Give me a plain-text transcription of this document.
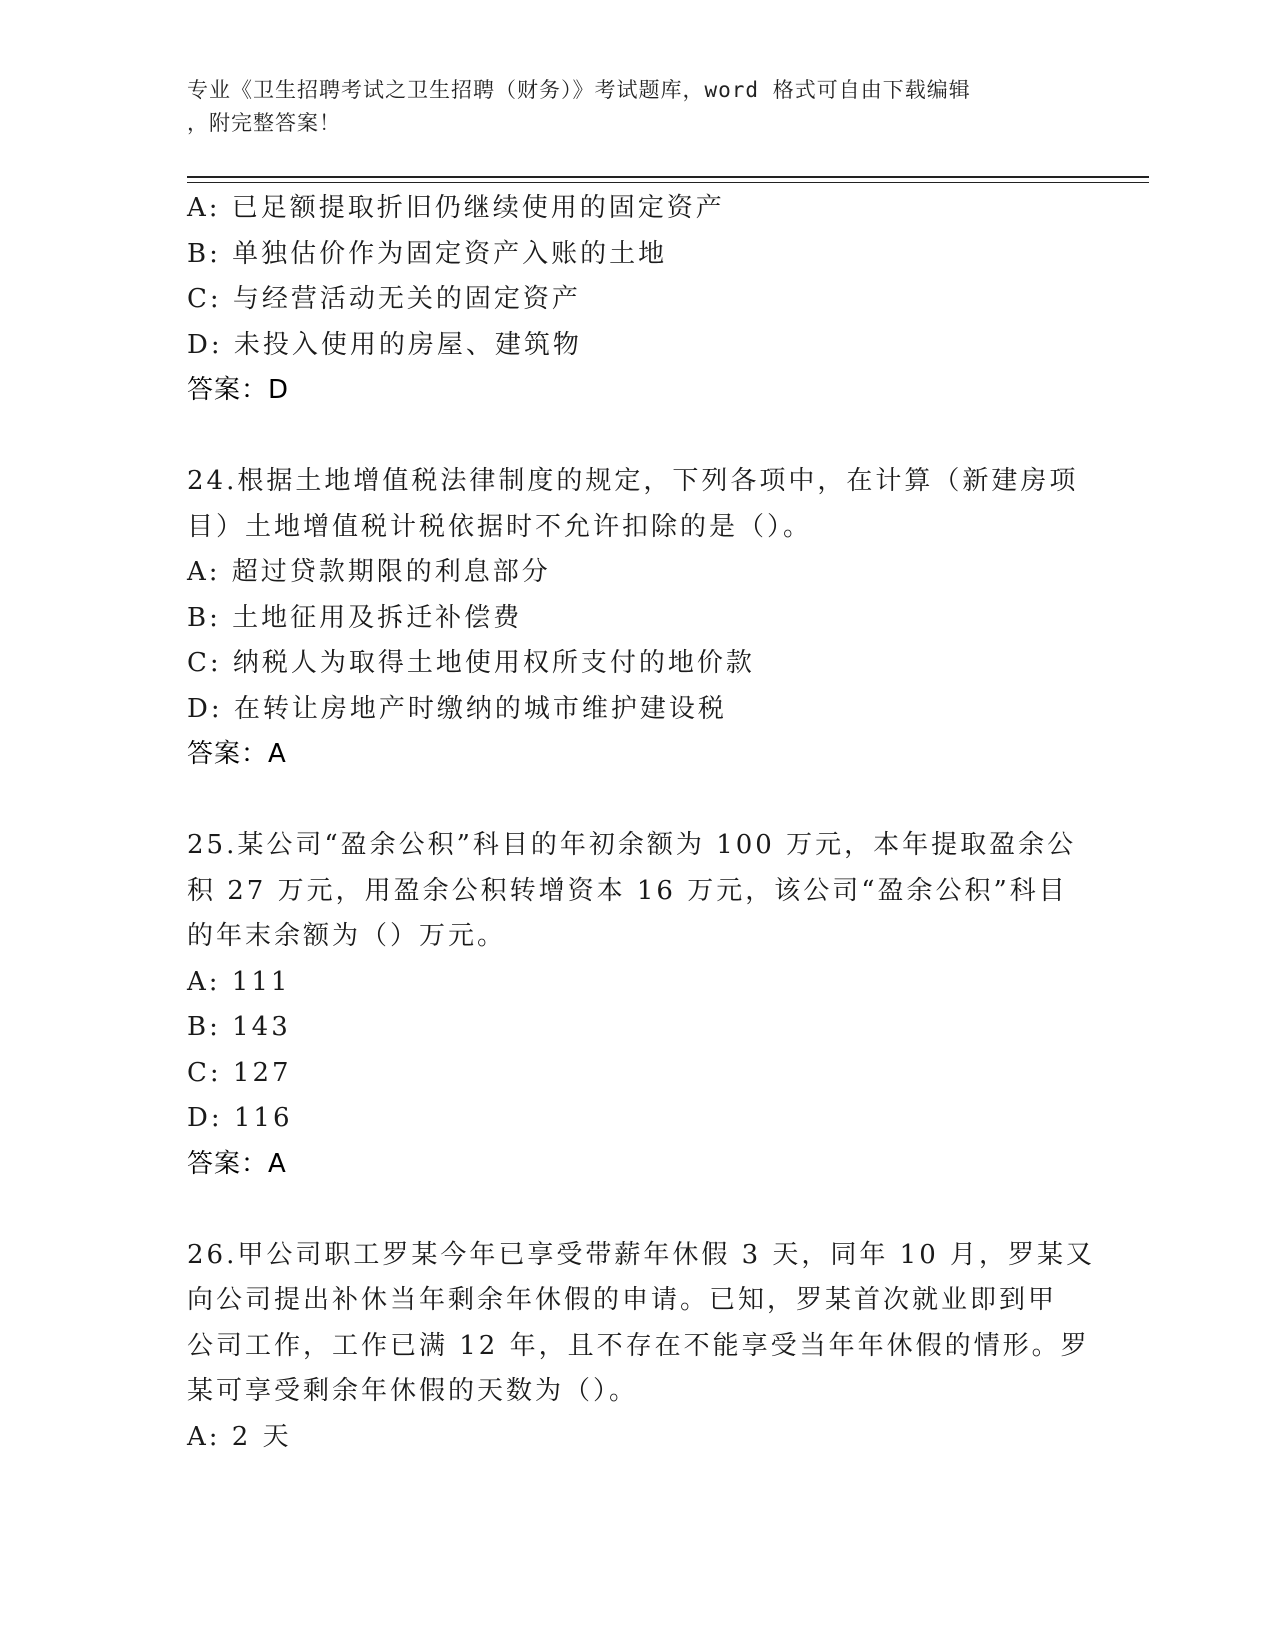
专业《卫生招聘考试之卫生招聘（财务）》考试题库，word 格式可自由下载编辑
，附完整答案！
A: 已足额提取折旧仍继续使用的固定资产
B: 单独估价作为固定资产入账的土地
C: 与经营活动无关的固定资产
D: 未投入使用的房屋、建筑物
答案：D
24.根据土地增值税法律制度的规定，下列各项中，在计算（新建房项
目）土地增值税计税依据时不允许扣除的是（）。
A: 超过贷款期限的利息部分
B: 土地征用及拆迁补偿费
C: 纳税人为取得土地使用权所支付的地价款
D: 在转让房地产时缴纳的城市维护建设税
答案：A
25.某公司“盈余公积”科目的年初余额为 100 万元，本年提取盈余公
积 27 万元，用盈余公积转增资本 16 万元，该公司“盈余公积”科目
的年末余额为（）万元。
A: 111
B: 143
C: 127
D: 116
答案：A
26.甲公司职工罗某今年已享受带薪年休假 3 天，同年 10 月，罗某又
向公司提出补休当年剩余年休假的申请。已知，罗某首次就业即到甲
公司工作，工作已满 12 年，且不存在不能享受当年年休假的情形。罗
某可享受剩余年休假的天数为（）。
A: 2 天
